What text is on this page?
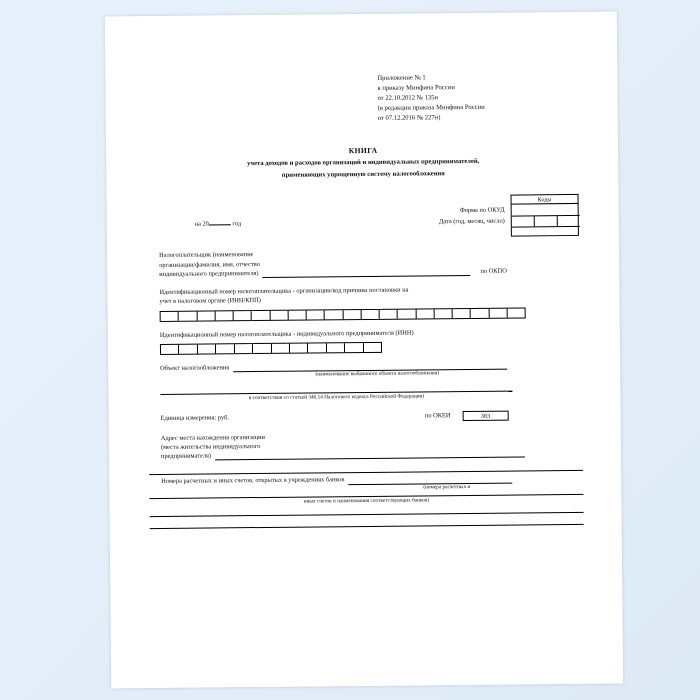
Приложение № 1
к приказу Минфина России
от 22.10.2012 № 135н
(в редакции приказа Минфина России
от 07.12.2016 № 227н)
КНИГА
учета доходов и расходов организаций и индивидуальных предпринимателей,
применяющих упрощенную систему налогообложения
Коды
на 20	год
Форма по ОКУД
Дата (год, месяц, число)
Налогоплательщик (наименование
организации/фамилия, имя, отчество
индивидуального предпринимателя)	по ОКПО
Идентификационный номер налогоплательщика - организации/код причины постановки на
учет в налоговом органе (ИНН/КПП)
Идентификационный номер налогоплательщика - индивидуального предпринимателя (ИНН)
Объект налогообложения
(наименование выбранного объекта налогообложения)
в соответствии со статьей 346.14 Налогового кодекса Российской Федерации)
Единица измерения: руб.	по ОКЕИ	383
Адрес места нахождения организации
(места жительства индивидуального
предпринимателя)
Номера расчетных и иных счетов, открытых в учреждениях банков
(номера расчетных и
иных счетов и наименования соответствующих банков)
